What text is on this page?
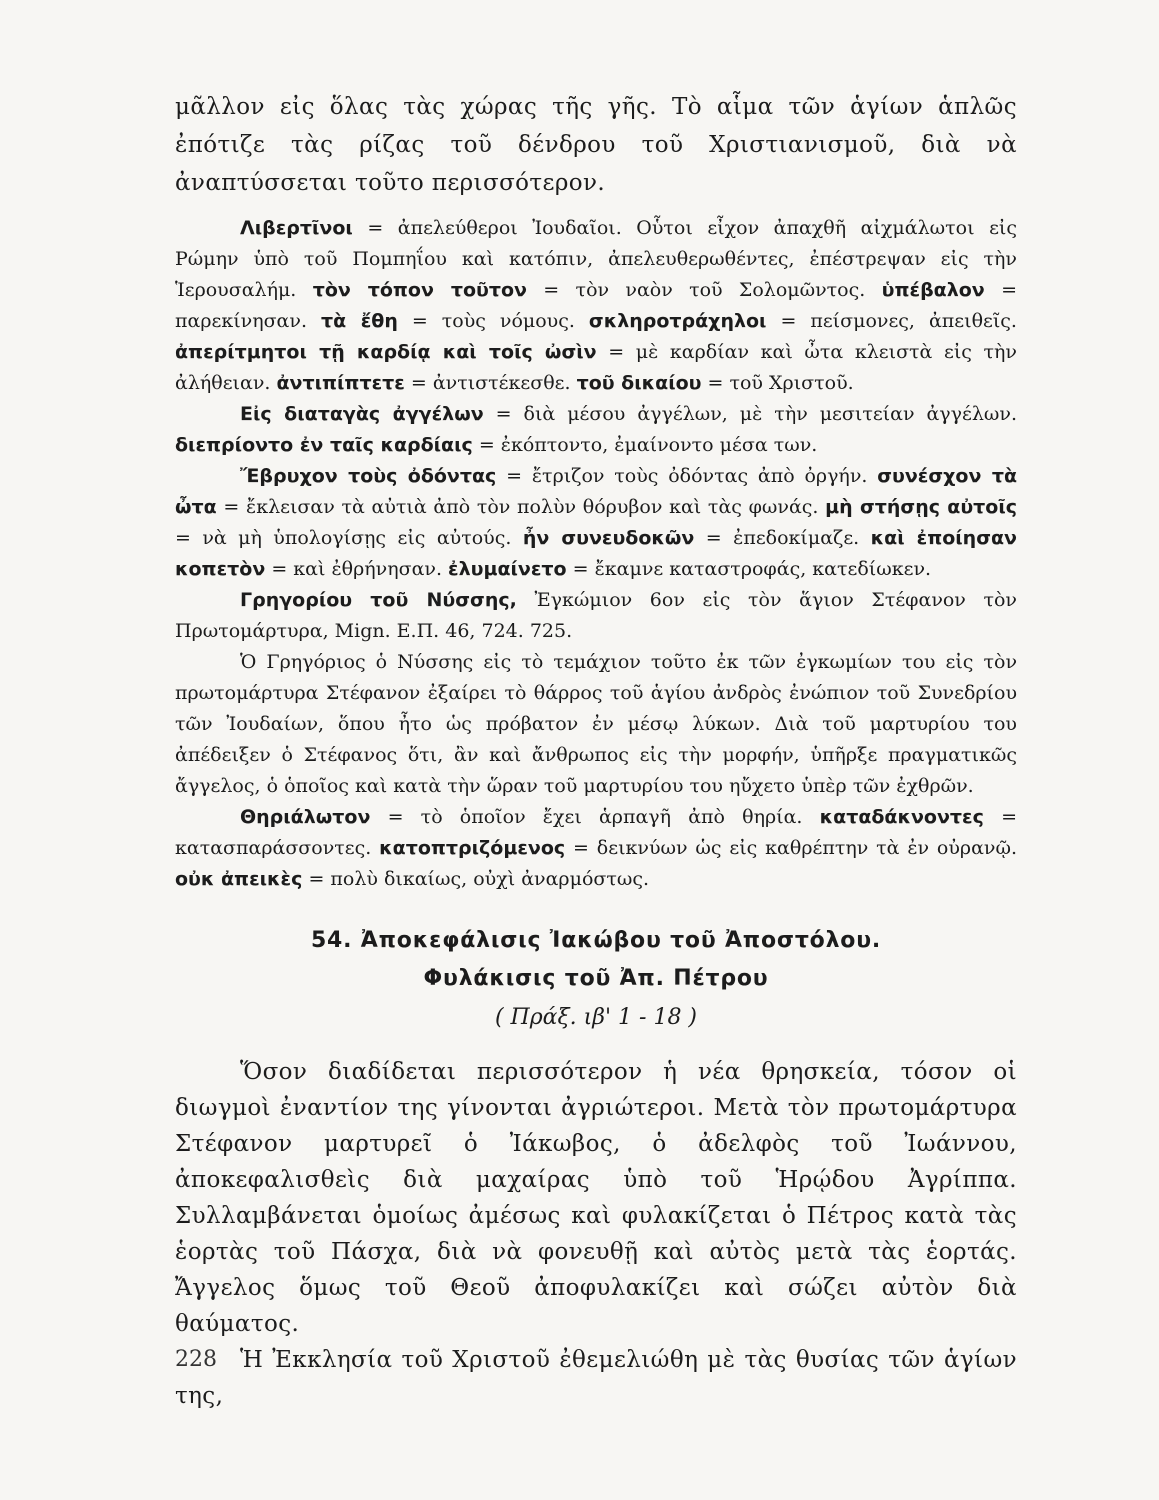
μᾶλλον εἰς ὅλας τὰς χώρας τῆς γῆς. Τὸ αἷμα τῶν ἁγίων ἁπλῶς ἐπότιζε τὰς ρίζας τοῦ δένδρου τοῦ Χριστιανισμοῦ, διὰ νὰ ἀναπτύσσεται τοῦτο περισσότερον.

Λιβερτῖνοι = ἀπελεύθεροι Ἰουδαῖοι. Οὗτοι εἶχον ἀπαχθῆ αἰχμάλωτοι εἰς Ρώμην ὑπὸ τοῦ Πομπηΐου καὶ κατόπιν, ἀπελευθερωθέντες, ἐπέστρεψαν εἰς τὴν Ἱερουσαλήμ. τὸν τόπον τοῦτον = τὸν ναὸν τοῦ Σολομῶντος. ὑπέβαλον = παρεκίνησαν. τὰ ἔθη = τοὺς νόμους. σκληροτράχηλοι = πείσμονες, ἀπειθεῖς. ἀπερίτμητοι τῇ καρδίᾳ καὶ τοῖς ὠσὶν = μὲ καρδίαν καὶ ὦτα κλειστὰ εἰς τὴν ἀλήθειαν. ἀντιπίπτετε = ἀντιστέκεσθε. τοῦ δικαίου = τοῦ Χριστοῦ.

Εἰς διαταγὰς ἀγγέλων = διὰ μέσου ἀγγέλων, μὲ τὴν μεσιτείαν ἀγγέλων. διεπρίοντο ἐν ταῖς καρδίαις = ἐκόπτοντο, ἐμαίνοντο μέσα των.

Ἔβρυχον τοὺς ὀδόντας = ἔτριζον τοὺς ὀδόντας ἀπὸ ὀργήν. συνέσχον τὰ ὦτα = ἔκλεισαν τὰ αὐτιὰ ἀπὸ τὸν πολὺν θόρυβον καὶ τὰς φωνάς. μὴ στήσῃς αὐτοῖς = νὰ μὴ ὑπολογίσῃς εἰς αὐτούς. ἦν συνευδοκῶν = ἐπεδοκίμαζε. καὶ ἐποίησαν κοπετὸν = καὶ ἐθρήνησαν. ἐλυμαίνετο = ἔκαμνε καταστροφάς, κατεδίωκεν.

Γρηγορίου τοῦ Νύσσης, Ἐγκώμιον 6ον εἰς τὸν ἅγιον Στέφανον τὸν Πρωτομάρτυρα, Mign. Ε.Π. 46, 724. 725.

Ὁ Γρηγόριος ὁ Νύσσης εἰς τὸ τεμάχιον τοῦτο ἐκ τῶν ἐγκωμίων του εἰς τὸν πρωτομάρτυρα Στέφανον ἐξαίρει τὸ θάρρος τοῦ ἁγίου ἀνδρὸς ἐνώπιον τοῦ Συνεδρίου τῶν Ἰουδαίων, ὅπου ἦτο ὡς πρόβατον ἐν μέσῳ λύκων. Διὰ τοῦ μαρτυρίου του ἀπέδειξεν ὁ Στέφανος ὅτι, ἂν καὶ ἄνθρωπος εἰς τὴν μορφήν, ὑπῆρξε πραγματικῶς ἄγγελος, ὁ ὁποῖος καὶ κατὰ τὴν ὥραν τοῦ μαρτυρίου του ηὔχετο ὑπὲρ τῶν ἐχθρῶν.

Θηριάλωτον = τὸ ὁποῖον ἔχει ἁρπαγῆ ἀπὸ θηρία. καταδάκνοντες = κατασπαράσσοντες. κατοπτριζόμενος = δεικνύων ὡς εἰς καθρέπτην τὰ ἐν οὐρανῷ. οὐκ ἀπεικὲς = πολὺ δικαίως, οὐχὶ ἀναρμόστως.

54. Ἀποκεφάλισις Ἰακώβου τοῦ Ἀποστόλου.
Φυλάκισις τοῦ Ἀπ. Πέτρου
( Πράξ. ιβ' 1 - 18 )

Ὅσον διαδίδεται περισσότερον ἡ νέα θρησκεία, τόσον οἱ διωγμοὶ ἐναντίον της γίνονται ἀγριώτεροι. Μετὰ τὸν πρωτομάρτυρα Στέφανον μαρτυρεῖ ὁ Ἰάκωβος, ὁ ἀδελφὸς τοῦ Ἰωάννου, ἀποκεφαλισθεὶς διὰ μαχαίρας ὑπὸ τοῦ Ἡρῴδου Ἀγρίππα. Συλλαμβάνεται ὁμοίως ἀμέσως καὶ φυλακίζεται ὁ Πέτρος κατὰ τὰς ἑορτὰς τοῦ Πάσχα, διὰ νὰ φονευθῇ καὶ αὐτὸς μετὰ τὰς ἑορτάς. Ἄγγελος ὅμως τοῦ Θεοῦ ἀποφυλακίζει καὶ σώζει αὐτὸν διὰ θαύματος.

Ἡ Ἐκκλησία τοῦ Χριστοῦ ἐθεμελιώθη μὲ τὰς θυσίας τῶν ἁγίων της,

228
